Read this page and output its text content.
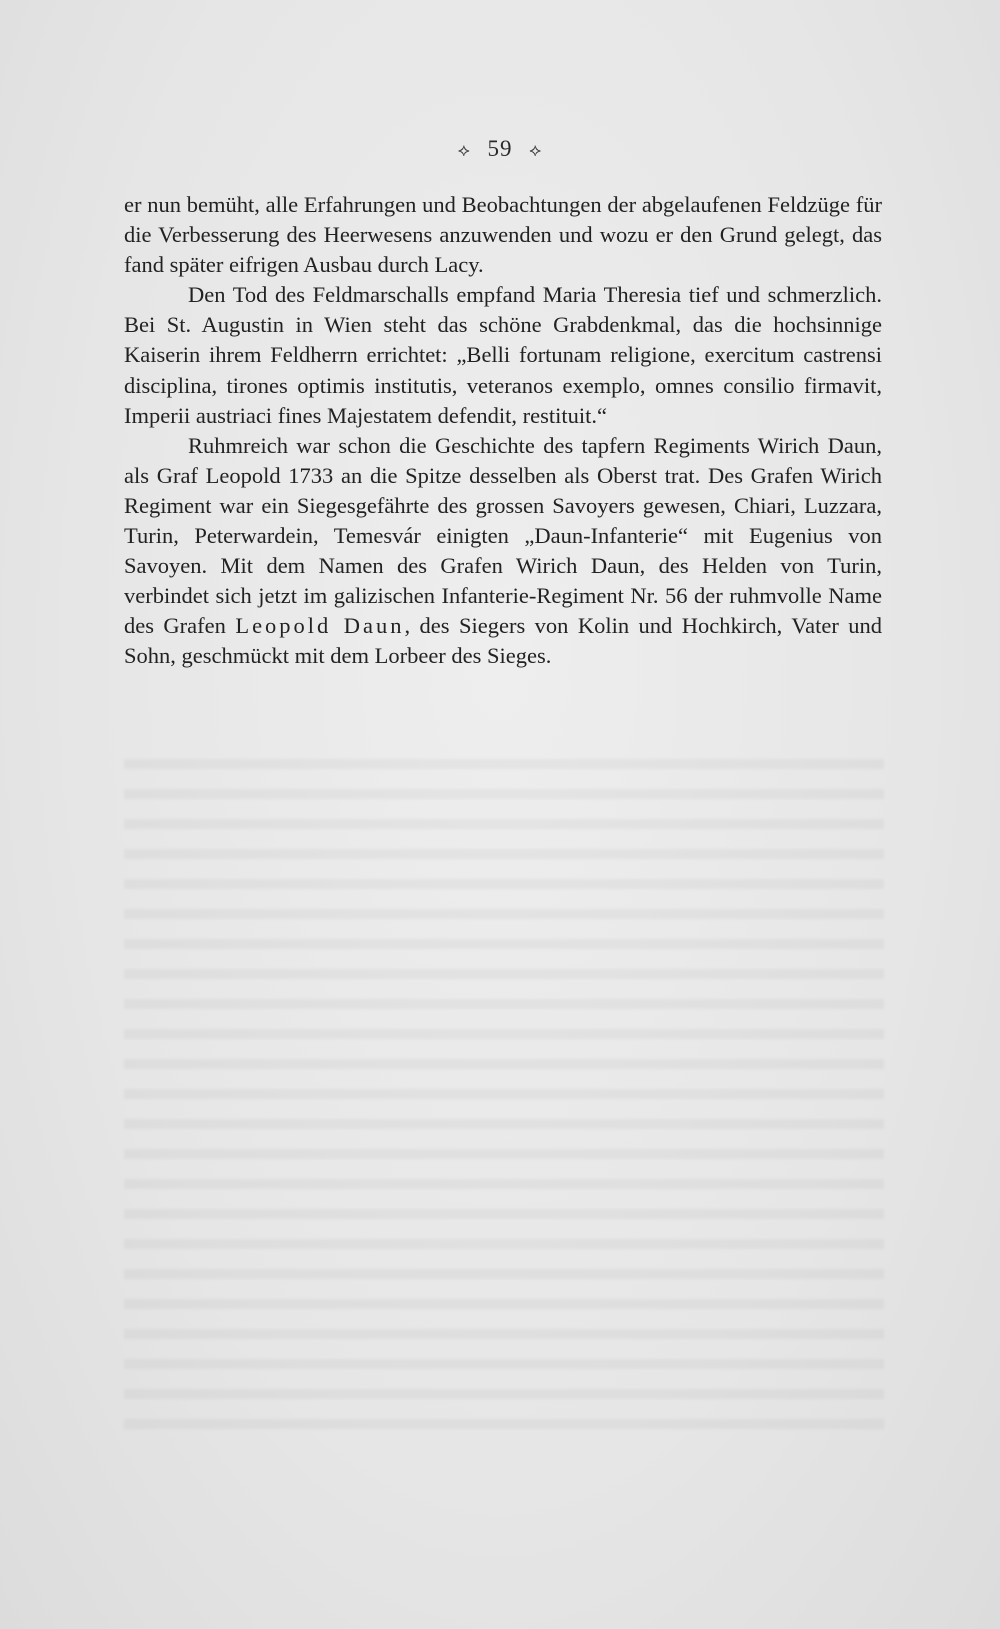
⟡ 59 ⟡

er nun bemüht, alle Erfahrungen und Beobachtungen der abgelaufenen Feldzüge für die Verbesserung des Heerwesens anzuwenden und wozu er den Grund gelegt, das fand später eifrigen Ausbau durch Lacy.

Den Tod des Feldmarschalls empfand Maria Theresia tief und schmerzlich. Bei St. Augustin in Wien steht das schöne Grabdenkmal, das die hochsinnige Kaiserin ihrem Feldherrn errichtet: „Belli fortunam religione, exercitum castrensi disciplina, tirones optimis institutis, veteranos exemplo, omnes consilio firmavit, Imperii austriaci fines Majestatem defendit, restituit.“

Ruhmreich war schon die Geschichte des tapfern Regiments Wirich Daun, als Graf Leopold 1733 an die Spitze desselben als Oberst trat. Des Grafen Wirich Regiment war ein Siegesgefährte des grossen Savoyers gewesen, Chiari, Luzzara, Turin, Peterwardein, Temesvár einigten „Daun-Infanterie“ mit Eugenius von Savoyen. Mit dem Namen des Grafen Wirich Daun, des Helden von Turin, verbindet sich jetzt im galizischen Infanterie-Regiment Nr. 56 der ruhmvolle Name des Grafen Leopold Daun, des Siegers von Kolin und Hochkirch, Vater und Sohn, geschmückt mit dem Lorbeer des Sieges.
